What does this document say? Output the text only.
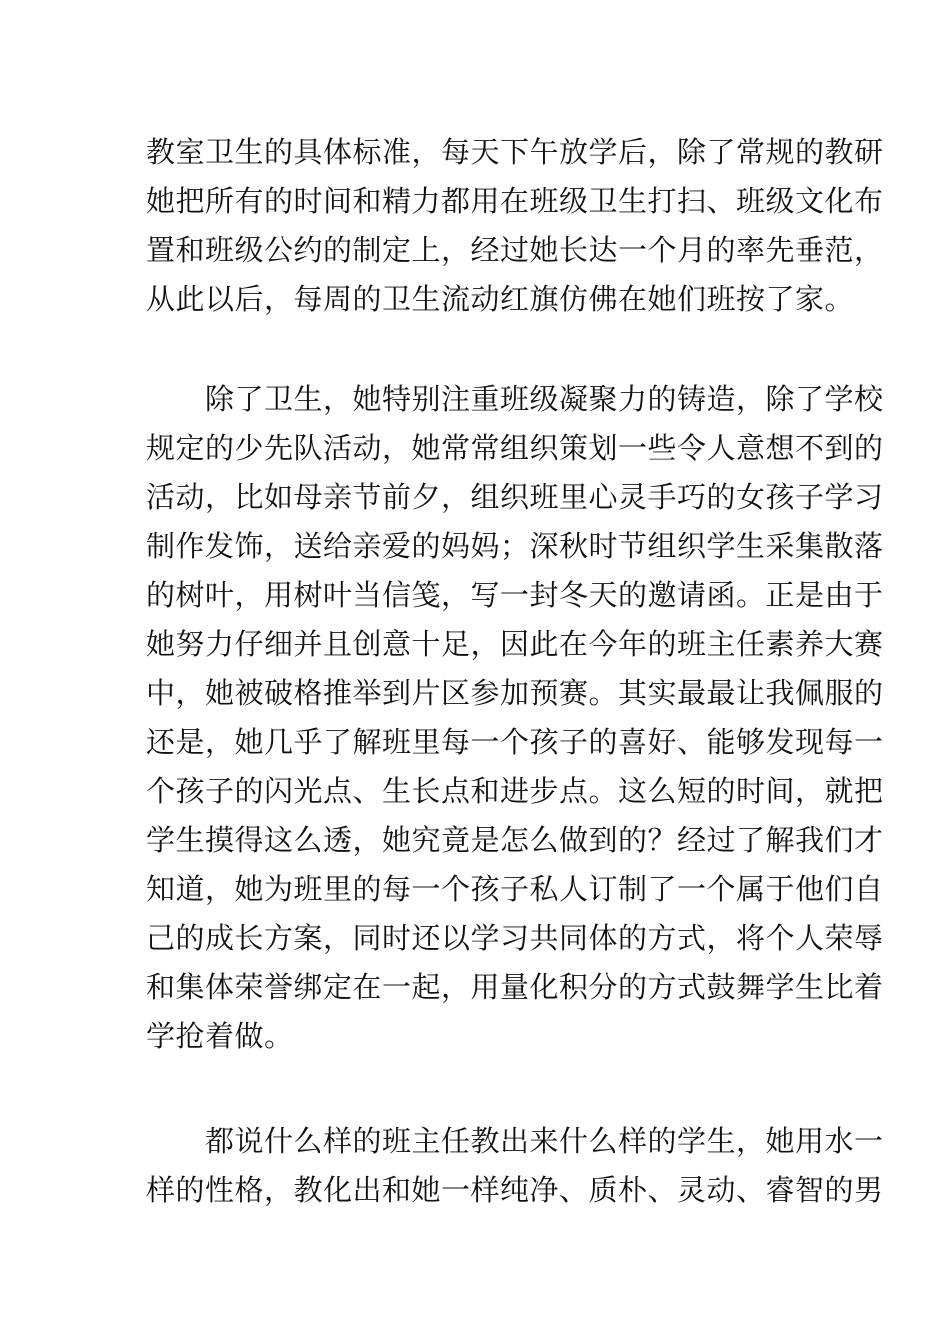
教室卫生的具体标准，每天下午放学后，除了常规的教研
她把所有的时间和精力都用在班级卫生打扫、班级文化布
置和班级公约的制定上，经过她长达一个月的率先垂范，
从此以后，每周的卫生流动红旗仿佛在她们班按了家。
　　除了卫生，她特别注重班级凝聚力的铸造，除了学校
规定的少先队活动，她常常组织策划一些令人意想不到的
活动，比如母亲节前夕，组织班里心灵手巧的女孩子学习
制作发饰，送给亲爱的妈妈；深秋时节组织学生采集散落
的树叶，用树叶当信笺，写一封冬天的邀请函。正是由于
她努力仔细并且创意十足，因此在今年的班主任素养大赛
中，她被破格推举到片区参加预赛。其实最最让我佩服的
还是，她几乎了解班里每一个孩子的喜好、能够发现每一
个孩子的闪光点、生长点和进步点。这么短的时间，就把
学生摸得这么透，她究竟是怎么做到的？经过了解我们才
知道，她为班里的每一个孩子私人订制了一个属于他们自
己的成长方案，同时还以学习共同体的方式，将个人荣辱
和集体荣誉绑定在一起，用量化积分的方式鼓舞学生比着
学抢着做。
　　都说什么样的班主任教出来什么样的学生，她用水一
样的性格，教化出和她一样纯净、质朴、灵动、睿智的男
